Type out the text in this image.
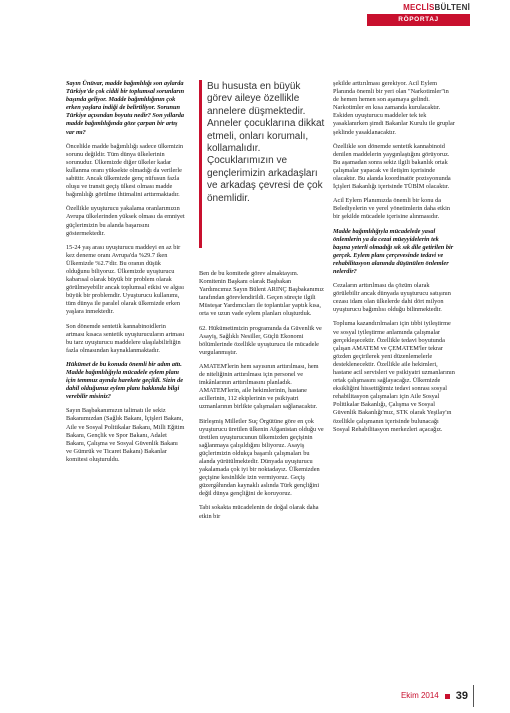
MECLİSBÜLTENİ
RÖPORTAJ

Sayın Ünüvar, madde bağımlılığı son aylarda Türkiye'de çok ciddi bir toplumsal sorunların başında geliyor. Madde bağımlılığının çok erken yaşlara indiği de belirtiliyor. Sorunun Türkiye açısından boyutu nedir? Son yıllarda madde bağımlılığında göze çarpan bir artış var mı?

Öncelikle madde bağımlılığı sadece ülkemizin sorunu değildir. Tüm dünya ülkelerinin sorunudur. Ülkemizde diğer ülkeler kadar kullanma oranı yüksekte olmadığı da verilerle sabittir. Ancak ülkemizde genç nüfusun fazla oluşu ve transit geçiş ülkesi olması madde bağımlılığı görülme ihtimalini arttırmaktadır.

Özellikle uyuşturucu yakalama oranlarımızın Avrupa ülkelerinden yüksek olması da emniyet güçlerimizin bu alanda başarısını göstermektedir.

15-24 yaş arası uyuşturucu maddeyi en az bir kez deneme oranı Avrupa'da %29.7 iken Ülkemizde %2.7'dir. Bu oranın düşük olduğunu biliyoruz. Ülkemizde uyuşturucu kabarısal olarak büyük bir problem olarak görülmeyebilir ancak toplumsal etkisi ve algısı büyük bir problemdir. Uyuşturucu kullanımı, tüm dünya ile paralel olarak ülkemizde erken yaşlara inmektedir.

Son dönemde sentetik kannabinoidlerin artması kısaca sentetik uyuşturucuların artması bu tarz uyuşturucu maddelere ulaşılabilirliğin fazla olmasından kaynaklanmaktadır.

Hükümet de bu konuda önemli bir adım attı. Madde bağımlılığıyla mücadele eylem planı için temmuz ayında harekete geçildi. Sizin de dahil olduğunuz eylem planı hakkında bilgi verebilir misiniz?

Sayın Başbakanımızın talimatı ile sekiz Bakanımızdan (Sağlık Bakanı, İçişleri Bakanı, Aile ve Sosyal Politikalar Bakanı, Milli Eğitim Bakanı, Gençlik ve Spor Bakanı, Adalet Bakanı, Çalışma ve Sosyal Güvenlik Bakanı ve Gümrük ve Ticaret Bakanı) Bakanlar komitesi oluşturuldu.

Bu hususta en büyük görev aileye özellikle annelere düşmektedir. Anneler çocuklarına dikkat etmeli, onları korumalı, kollamalıdır. Çocuklarımızın ve gençlerimizin arkadaşları ve arkadaş çevresi de çok önemlidir.

Ben de bu komitede görev almaktayım. Komitenin Başkanı olarak Başbakan Yardımcımız Sayın Bülent ARINÇ Başbakanımız tarafından görevlendirildi. Geçen süreçte ilgili Müsteşar Yardımcıları ile toplantılar yaptık kısa, orta ve uzun vade eylem planları oluşturduk.

62. Hükümetimizin programında da Güvenlik ve Asayiş, Sağlıklı Nesiller, Güçlü Ekonomi bölümlerinde özellikle uyuşturucu ile mücadele vurgulanmıştır.

AMATEM'lerin hem sayısının arttırılması, hem de niteliğinin arttırılması için personel ve imkânlarının arttırılmasını planladık. AMATEM'lerin, aile hekimlerinin, hastane acillerinin, 112 ekiplerinin ve psikiyatri uzmanlarının birlikte çalışmaları sağlanacaktır.

Birleşmiş Milletler Suç Örgütüne göre en çok uyuşturucu üretilen ülkenin Afganistan olduğu ve üretilen uyuşturucunun ülkemizden geçişinin sağlanmaya çalışıldığını biliyoruz. Asayiş güçlerimizin oldukça başarılı çalışmaları bu alanda yürütülmektedir. Dünyada uyuşturucu yakalamada çok iyi bir noktadayız. Ülkemizden geçişine kesinlikle izin vermiyoruz. Geçiş güzergâhından kaynaklı aslında Türk gençliğini değil dünya gençliğini de koruyoruz.

Tabi sokakta mücadelenin de doğal olarak daha etkin bir

şekilde arttırılması gerekiyor. Acil Eylem Planında önemli bir yeri olan "Narkotimler"in de hemen hemen son aşamaya gelindi. Narkotimler en kısa zamanda kurulacaktır. Eskiden uyuşturucu maddeler tek tek yasaklanırken şimdi Bakanlar Kurulu ile gruplar şeklinde yasaklanacaktır.

Özellikle son dönemde sentetik kannabinoid denilen maddelerin yaygınlaştığını görüyoruz. Bu aşamadan sonra sekiz ilgili bakanlık ortak çalışmalar yapacak ve iletişim içerisinde olacaktır. Bu alanda koordinatör pozisyonunda İçişleri Bakanlığı içerisinde TÜBİM olacaktır.

Acil Eylem Planımızda önemli bir konu da Belediyelerin ve yerel yönetimlerin daha etkin bir şekilde mücadele içerisine alınmasıdır.

Madde bağımlılığıyla mücadelede yasal önlemlerin ya da cezai müeyyidelerin tek başına yeterli olmadığı sık sık dile getirilen bir gerçek. Eylem planı çerçevesinde tedavi ve rehabilitasyon alanında düşünülen önlemler nelerdir?

Cezaların arttırılması da çözüm olarak görülebilir ancak dünyada uyuşturucu satışının cezası idam olan ülkelerde dahi dört milyon uyuşturucu bağımlısı olduğu bilinmektedir.

Topluma kazandırılmaları için tıbbi iyileştirme ve sosyal iyileştirme anlamında çalışmalar gerçekleşecektir. Özellikle tedavi boyutunda çalışan AMATEM ve ÇEMATEM'ler tekrar gözden geçirilerek yeni düzenlemelerle desteklenecektir. Özellikle aile hekimleri, hastane acil servisleri ve psikiyatri uzmanlarının ortak çalışmasını sağlayacağız. Ülkemizde eksikliğini hissettiğimiz tedavi sonrası sosyal rehabilitasyon çalışmaları için Aile Sosyal Politikalar Bakanlığı, Çalışma ve Sosyal Güvenlik Bakanlığı'mız, STK olarak Yeşilay'ın özellikle çalışmanın içerisinde bulunacağı Sosyal Rehabilitasyon merkezleri açacağız.

Ekim 2014 39
